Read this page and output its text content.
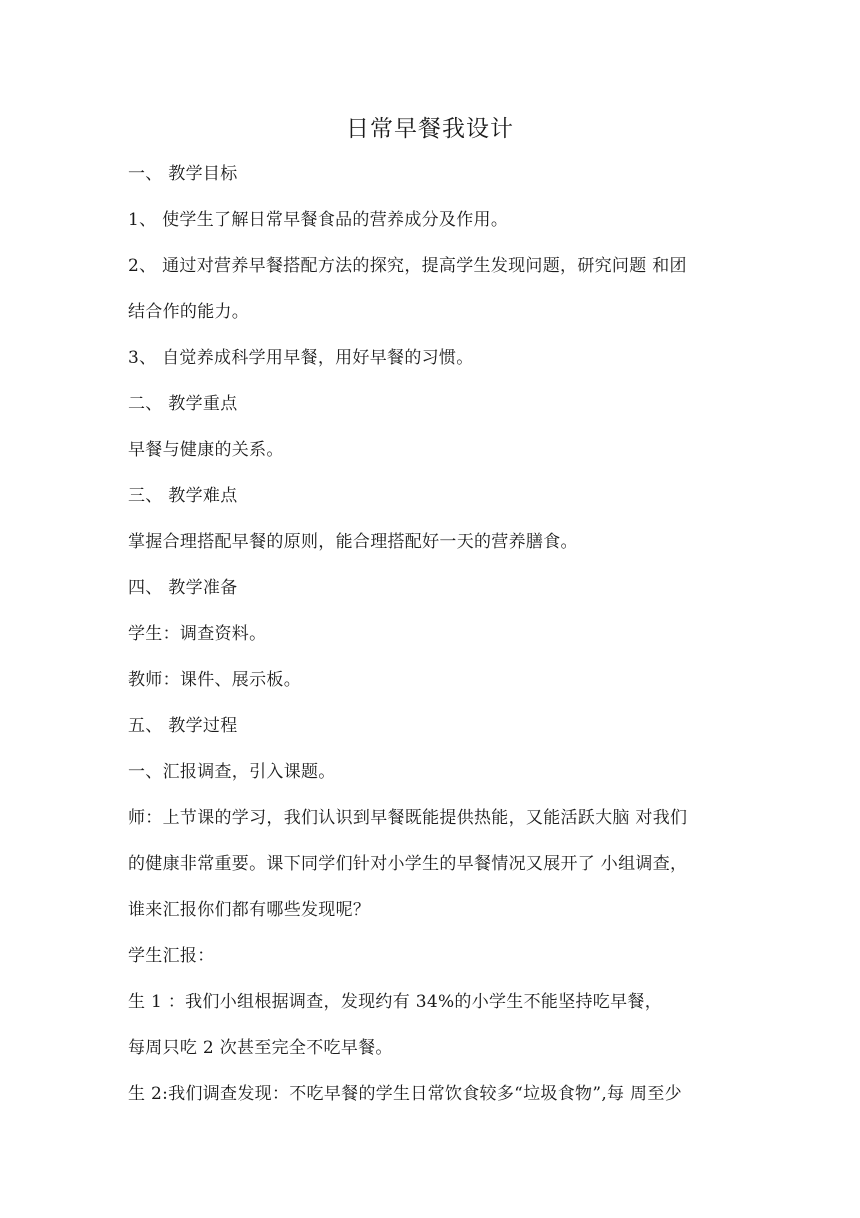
日常早餐我设计
一、 教学目标
1、 使学生了解日常早餐食品的营养成分及作用。
2、 通过对营养早餐搭配方法的探究，提高学生发现问题，研究问题 和团
结合作的能力。
3、 自觉养成科学用早餐，用好早餐的习惯。
二、 教学重点
早餐与健康的关系。
三、 教学难点
掌握合理搭配早餐的原则，能合理搭配好一天的营养膳食。
四、 教学准备
学生：调查资料。
教师：课件、展示板。
五、 教学过程
一、汇报调查，引入课题。
师：上节课的学习，我们认识到早餐既能提供热能，又能活跃大脑 对我们
的健康非常重要。课下同学们针对小学生的早餐情况又展开了 小组调查，
谁来汇报你们都有哪些发现呢？
学生汇报：
生 1 ：我们小组根据调查，发现约有 34%的小学生不能坚持吃早餐，
每周只吃 2 次甚至完全不吃早餐。
生 2:我们调查发现：不吃早餐的学生日常饮食较多“垃圾食物”,每 周至少
